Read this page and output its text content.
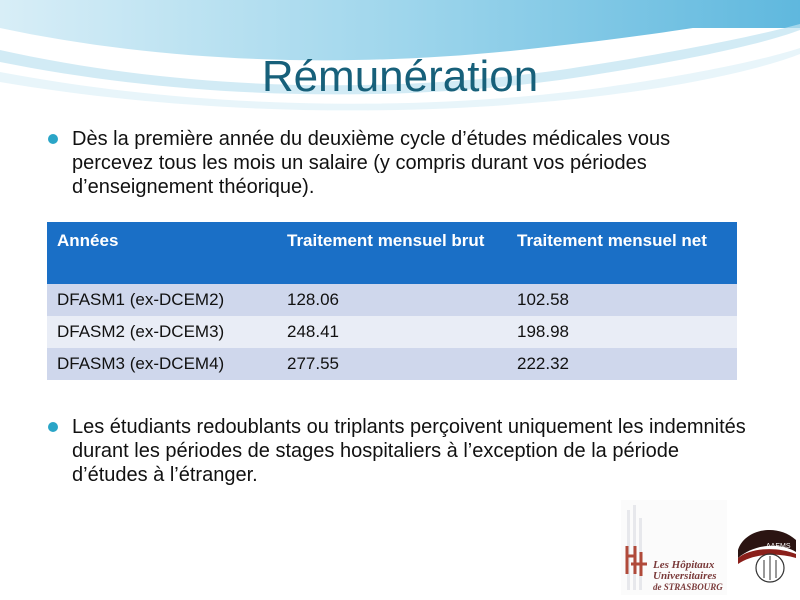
Rémunération
Dès la première année du deuxième cycle d’études médicales vous percevez tous les mois un salaire (y compris durant vos périodes d’enseignement théorique).
Années	Traitement mensuel brut	Traitement mensuel net
DFASM1 (ex-DCEM2)	128.06	102.58
DFASM2 (ex-DCEM3)	248.41	198.98
DFASM3 (ex-DCEM4)	277.55	222.32
Les étudiants redoublants ou triplants perçoivent uniquement les indemnités durant les périodes de stages hospitaliers à l’exception de la période d’études à l’étranger.
Les Hôpitaux
Universitaires
de STRASBOURG
AAEMS
